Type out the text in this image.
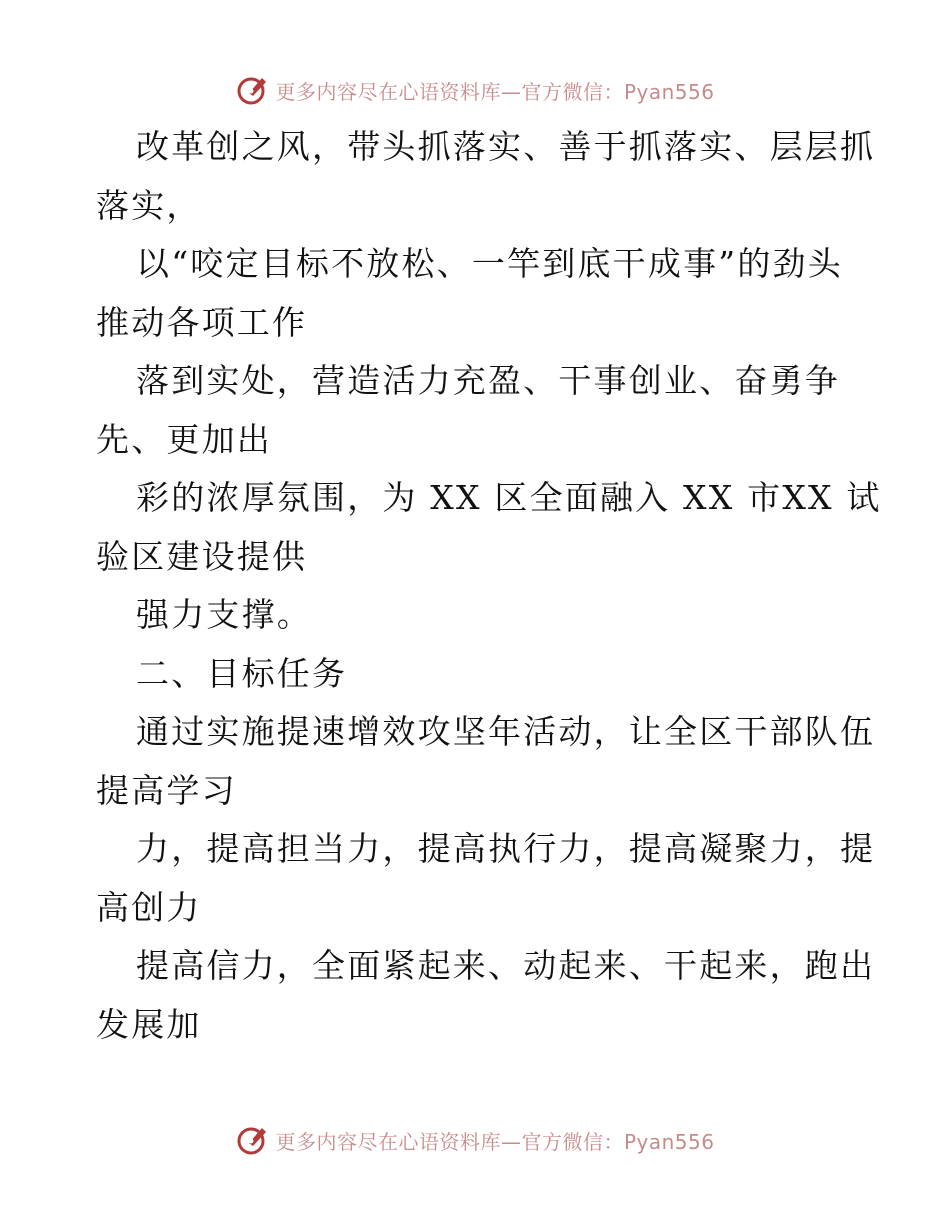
更多内容尽在心语资料库—官方微信：Pyan556

改革创之风，带头抓落实、善于抓落实、层层抓

落实，

以“咬定目标不放松、一竿到底干成事”的劲头

推动各项工作

落到实处，营造活力充盈、干事创业、奋勇争

先、更加出

彩的浓厚氛围，为 XX 区全面融入 XX 市XX 试

验区建设提供

强力支撑。

二、目标任务

通过实施提速增效攻坚年活动，让全区干部队伍

提高学习

力，提高担当力，提高执行力，提高凝聚力，提

高创力

提高信力，全面紧起来、动起来、干起来，跑出

发展加

更多内容尽在心语资料库—官方微信：Pyan556
